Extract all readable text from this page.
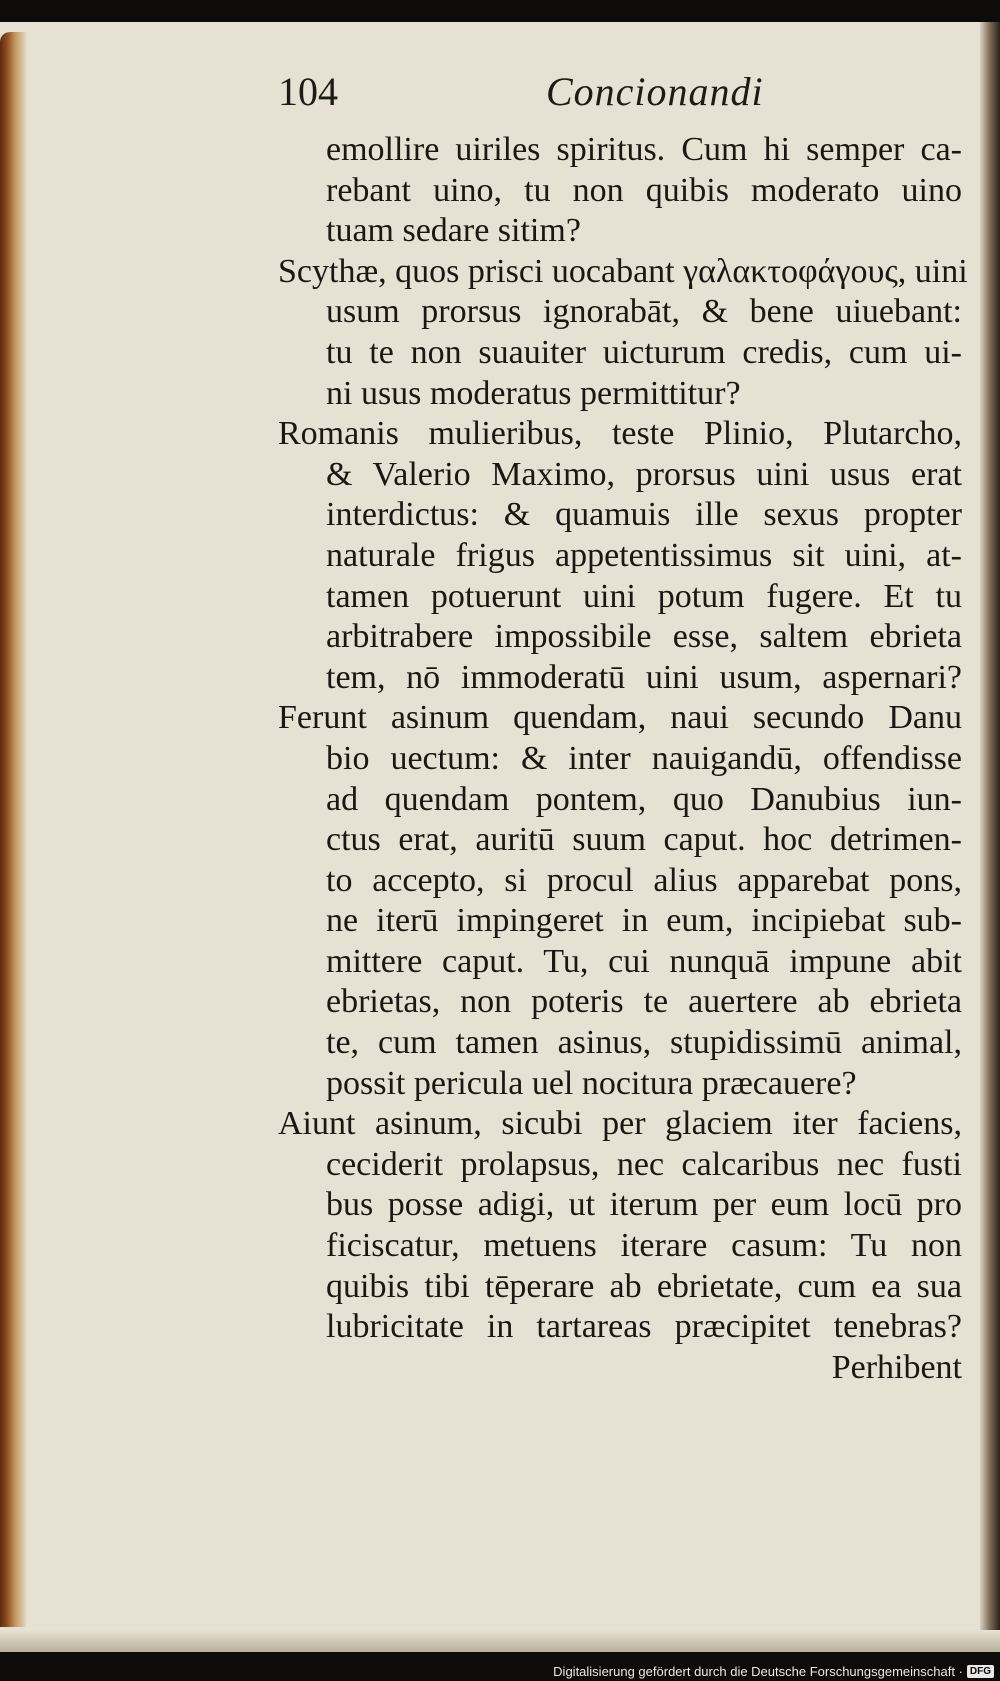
104	Concionandi
emollire uiriles spiritus. Cum hi semper ca-
rebant uino, tu non quibis moderato uino
tuam sedare sitim?
Scythæ, quos prisci uocabant γαλακτοφάγους, uini
usum prorsus ignorabāt, & bene uiuebant:
tu te non suauiter uicturum credis, cum ui-
ni usus moderatus permittitur?
Romanis mulieribus, teste Plinio, Plutarcho,
& Valerio Maximo, prorsus uini usus erat
interdictus: & quamuis ille sexus propter
naturale frigus appetentissimus sit uini, at-
tamen potuerunt uini potum fugere. Et tu
arbitrabere impossibile esse, saltem ebrieta
tem, nō immoderatū uini usum, aspernari?
Ferunt asinum quendam, naui secundo Danu
bio uectum: & inter nauigandū, offendisse
ad quendam pontem, quo Danubius iun-
ctus erat, auritū suum caput. hoc detrimen-
to accepto, si procul alius apparebat pons,
ne iterū impingeret in eum, incipiebat sub-
mittere caput. Tu, cui nunquā impune abit
ebrietas, non poteris te auertere ab ebrieta
te, cum tamen asinus, stupidissimū animal,
possit pericula uel nocitura præcauere?
Aiunt asinum, sicubi per glaciem iter faciens,
ceciderit prolapsus, nec calcaribus nec fusti
bus posse adigi, ut iterum per eum locū pro
ficiscatur, metuens iterare casum: Tu non
quibis tibi tēperare ab ebrietate, cum ea sua
lubricitate in tartareas præcipitet tenebras?
Perhibent
Digitalisierung gefördert durch die Deutsche Forschungsgemeinschaft · DFG
